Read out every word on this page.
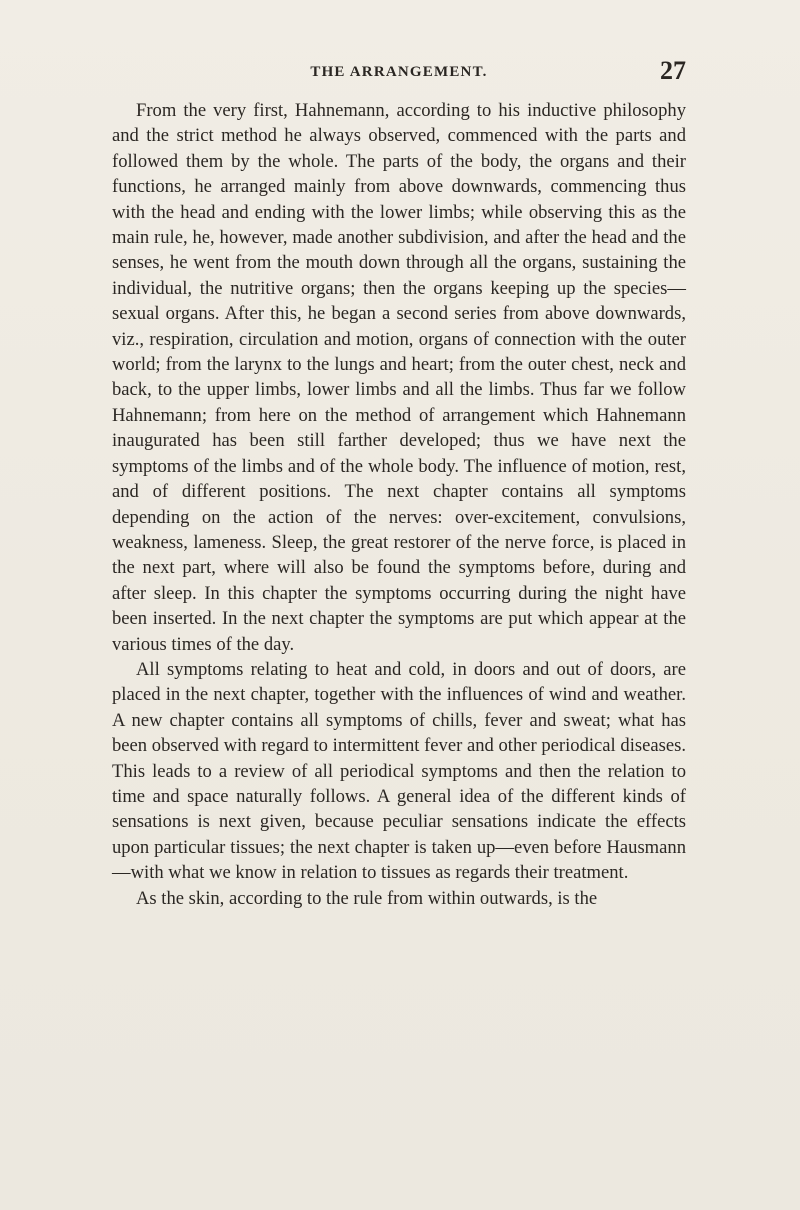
THE ARRANGEMENT.	27

From the very first, Hahnemann, according to his inductive philosophy and the strict method he always observed, commenced with the parts and followed them by the whole. The parts of the body, the organs and their functions, he arranged mainly from above downwards, commencing thus with the head and ending with the lower limbs; while observing this as the main rule, he, however, made another subdivision, and after the head and the senses, he went from the mouth down through all the organs, sustaining the individual, the nutritive organs; then the organs keeping up the species—sexual organs. After this, he began a second series from above downwards, viz., respiration, circulation and motion, organs of connection with the outer world; from the larynx to the lungs and heart; from the outer chest, neck and back, to the upper limbs, lower limbs and all the limbs. Thus far we follow Hahnemann; from here on the method of arrangement which Hahnemann inaugurated has been still farther developed; thus we have next the symptoms of the limbs and of the whole body. The influence of motion, rest, and of different positions. The next chapter contains all symptoms depending on the action of the nerves: over-excitement, convulsions, weakness, lameness. Sleep, the great restorer of the nerve force, is placed in the next part, where will also be found the symptoms before, during and after sleep. In this chapter the symptoms occurring during the night have been inserted. In the next chapter the symptoms are put which appear at the various times of the day.

All symptoms relating to heat and cold, in doors and out of doors, are placed in the next chapter, together with the influences of wind and weather. A new chapter contains all symptoms of chills, fever and sweat; what has been observed with regard to intermittent fever and other periodical diseases. This leads to a review of all periodical symptoms and then the relation to time and space naturally follows. A general idea of the different kinds of sensations is next given, because peculiar sensations indicate the effects upon particular tissues; the next chapter is taken up—even before Hausmann—with what we know in relation to tissues as regards their treatment.

As the skin, according to the rule from within outwards, is the
